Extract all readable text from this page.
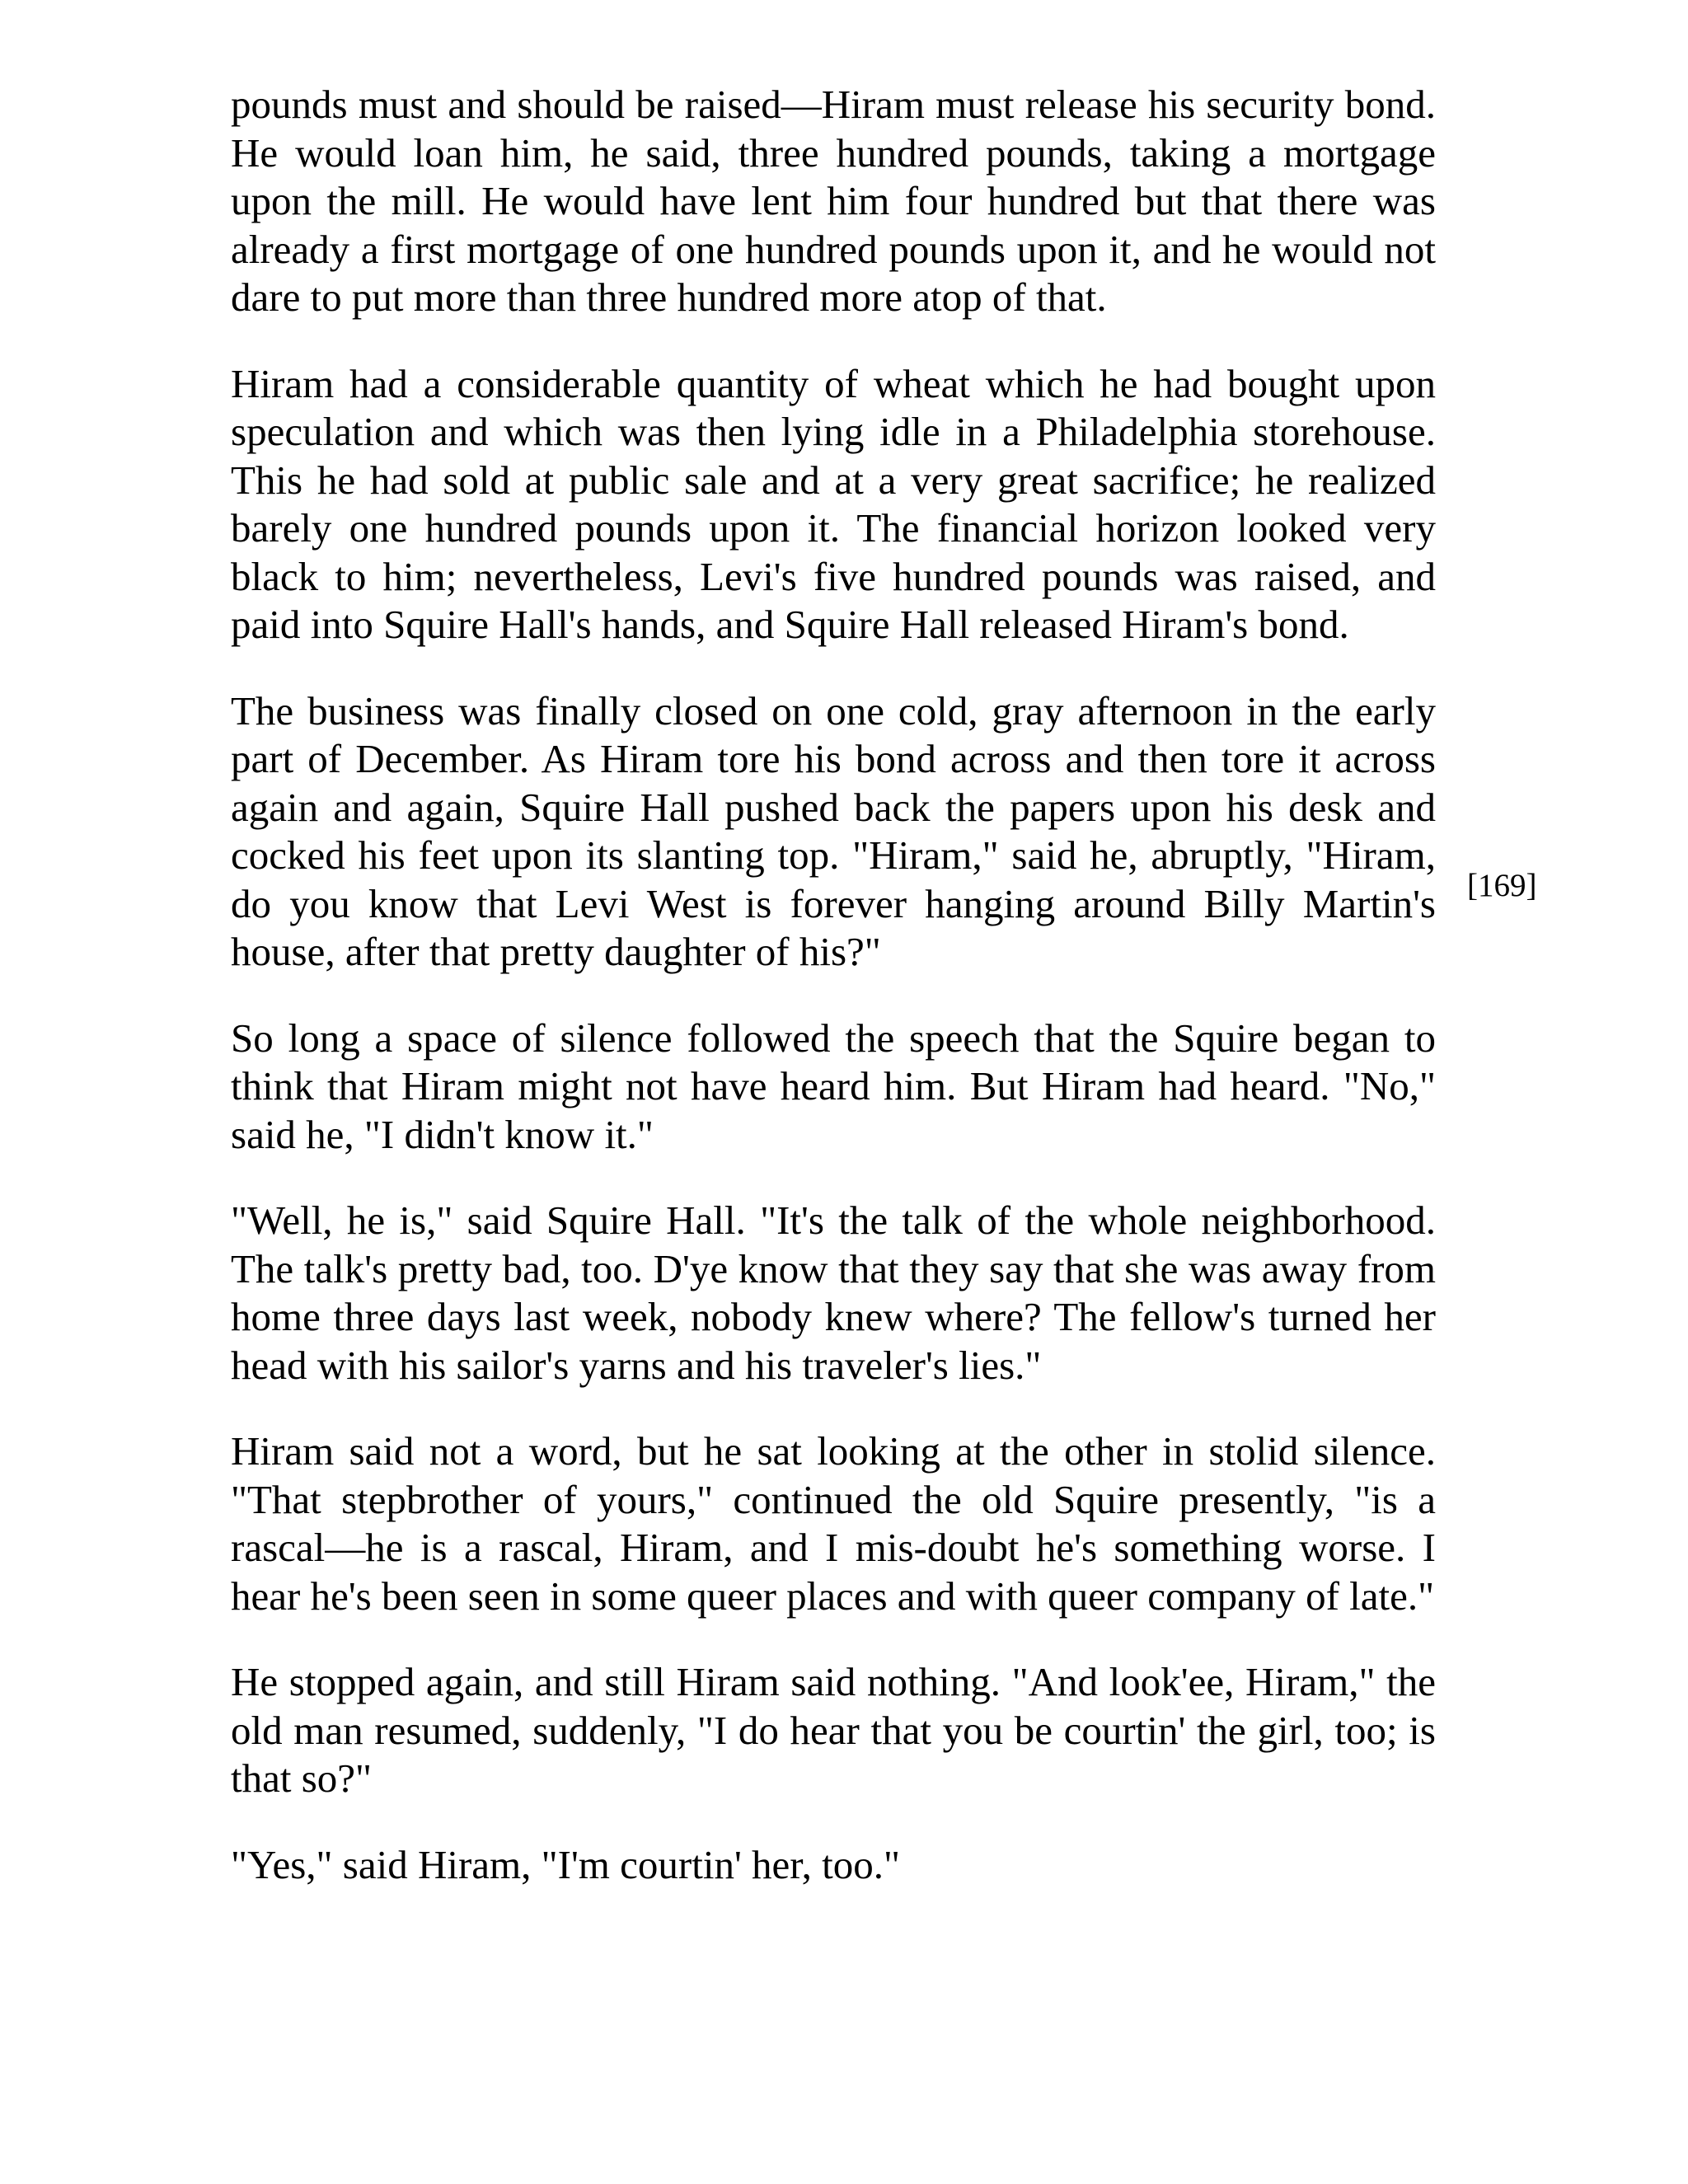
pounds must and should be raised—Hiram must release his security bond. He would loan him, he said, three hundred pounds, taking a mortgage upon the mill. He would have lent him four hundred but that there was already a first mortgage of one hundred pounds upon it, and he would not dare to put more than three hundred more atop of that.

Hiram had a considerable quantity of wheat which he had bought upon speculation and which was then lying idle in a Philadelphia storehouse. This he had sold at public sale and at a very great sacrifice; he realized barely one hundred pounds upon it. The financial horizon looked very black to him; nevertheless, Levi's five hundred pounds was raised, and paid into Squire Hall's hands, and Squire Hall released Hiram's bond.

The business was finally closed on one cold, gray afternoon in the early part of December. As Hiram tore his bond across and then tore it across again and again, Squire Hall pushed back the papers upon his desk and cocked his feet upon its slanting top. "Hiram," said he, abruptly, "Hiram, do you know that Levi West is forever hanging around Billy Martin's house, after that pretty daughter of his?"

So long a space of silence followed the speech that the Squire began to think that Hiram might not have heard him. But Hiram had heard. "No," said he, "I didn't know it."

"Well, he is," said Squire Hall. "It's the talk of the whole neighborhood. The talk's pretty bad, too. D'ye know that they say that she was away from home three days last week, nobody knew where? The fellow's turned her head with his sailor's yarns and his traveler's lies."

Hiram said not a word, but he sat looking at the other in stolid silence. "That stepbrother of yours," continued the old Squire presently, "is a rascal—he is a rascal, Hiram, and I mis-doubt he's something worse. I hear he's been seen in some queer places and with queer company of late."

He stopped again, and still Hiram said nothing. "And look'ee, Hiram," the old man resumed, suddenly, "I do hear that you be courtin' the girl, too; is that so?"

"Yes," said Hiram, "I'm courtin' her, too."

[169]
